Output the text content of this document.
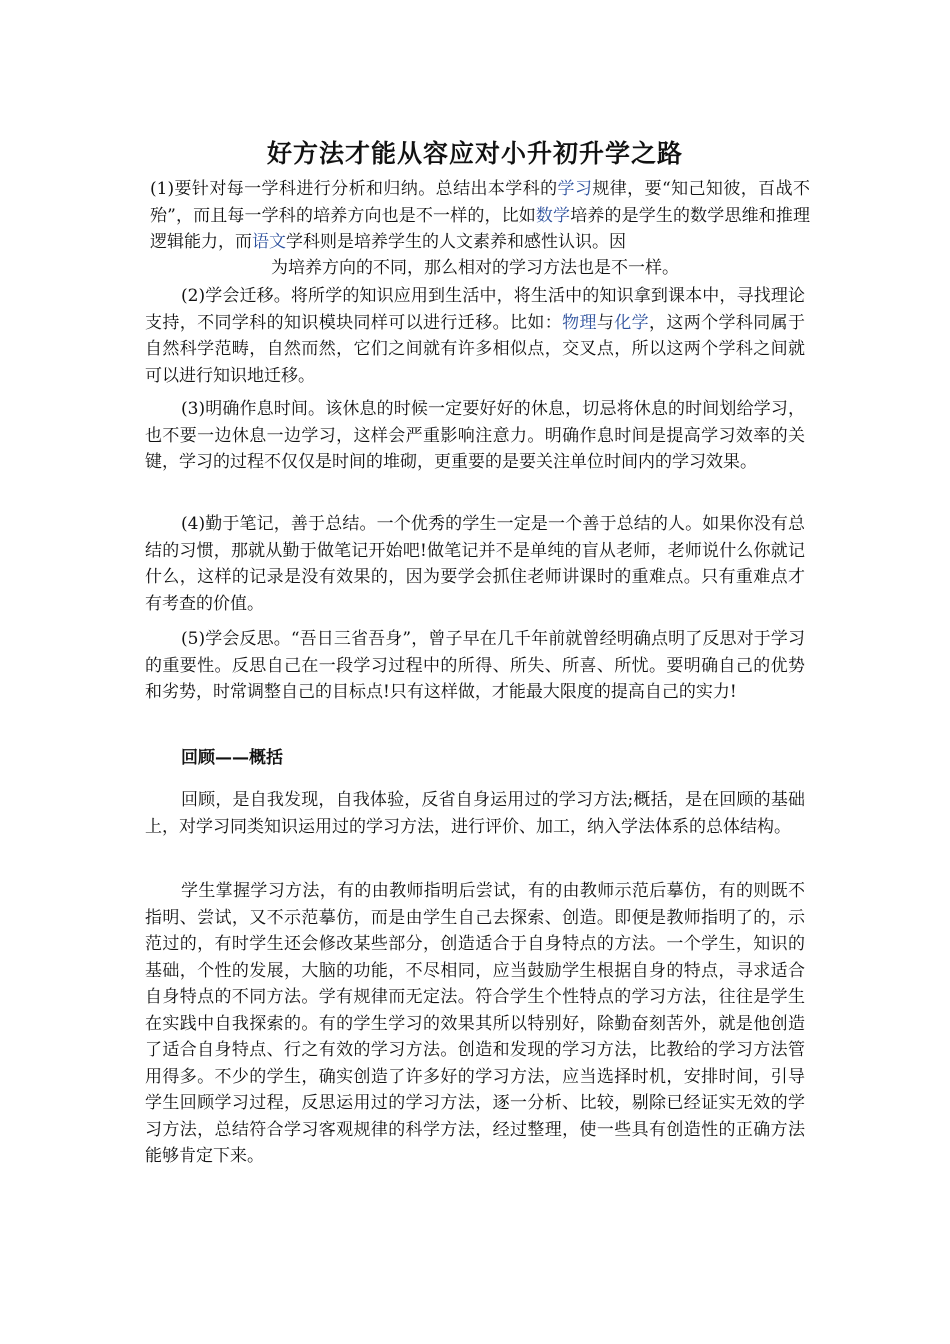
好方法才能从容应对小升初升学之路

(1)要针对每一学科进行分析和归纳。总结出本学科的学习规律，要“知己知彼，百战不殆”，而且每一学科的培养方向也是不一样的，比如数学培养的是学生的数学思维和推理逻辑能力，而语文学科则是培养学生的人文素养和感性认识。因

为培养方向的不同，那么相对的学习方法也是不一样。

(2)学会迁移。将所学的知识应用到生活中，将生活中的知识拿到课本中，寻找理论支持，不同学科的知识模块同样可以进行迁移。比如：物理与化学，这两个学科同属于自然科学范畴，自然而然，它们之间就有许多相似点，交叉点，所以这两个学科之间就可以进行知识地迁移。

(3)明确作息时间。该休息的时候一定要好好的休息，切忌将休息的时间划给学习，也不要一边休息一边学习，这样会严重影响注意力。明确作息时间是提高学习效率的关键，学习的过程不仅仅是时间的堆砌，更重要的是要关注单位时间内的学习效果。

(4)勤于笔记，善于总结。一个优秀的学生一定是一个善于总结的人。如果你没有总结的习惯，那就从勤于做笔记开始吧!做笔记并不是单纯的盲从老师，老师说什么你就记什么，这样的记录是没有效果的，因为要学会抓住老师讲课时的重难点。只有重难点才有考查的价值。

(5)学会反思。“吾日三省吾身”，曾子早在几千年前就曾经明确点明了反思对于学习的重要性。反思自己在一段学习过程中的所得、所失、所喜、所忧。要明确自己的优势和劣势，时常调整自己的目标点!只有这样做，才能最大限度的提高自己的实力!

回顾——概括

回顾，是自我发现，自我体验，反省自身运用过的学习方法;概括，是在回顾的基础上，对学习同类知识运用过的学习方法，进行评价、加工，纳入学法体系的总体结构。

学生掌握学习方法，有的由教师指明后尝试，有的由教师示范后摹仿，有的则既不指明、尝试，又不示范摹仿，而是由学生自己去探索、创造。即便是教师指明了的，示范过的，有时学生还会修改某些部分，创造适合于自身特点的方法。一个学生，知识的基础，个性的发展，大脑的功能，不尽相同，应当鼓励学生根据自身的特点，寻求适合自身特点的不同方法。学有规律而无定法。符合学生个性特点的学习方法，往往是学生在实践中自我探索的。有的学生学习的效果其所以特别好，除勤奋刻苦外，就是他创造了适合自身特点、行之有效的学习方法。创造和发现的学习方法，比教给的学习方法管用得多。不少的学生，确实创造了许多好的学习方法，应当选择时机，安排时间，引导学生回顾学习过程，反思运用过的学习方法，逐一分析、比较，剔除已经证实无效的学习方法，总结符合学习客观规律的科学方法，经过整理，使一些具有创造性的正确方法能够肯定下来。
